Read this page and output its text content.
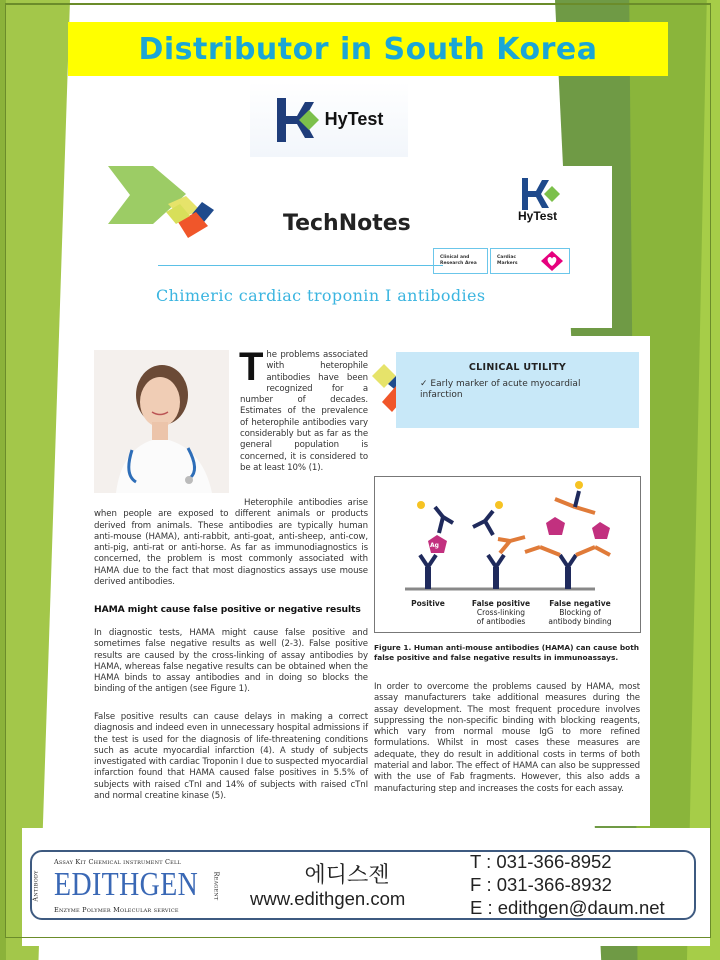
Distributor in South Korea
HyTest
TechNotes	HyTest
Clinical and
Research Area
Cardiac
Markers
Chimeric cardiac troponin I antibodies
The problems associated with heterophile antibodies have been recognized for a number of decades. Estimates of the prevalence of heterophile antibodies vary considerably but as far as the general population is concerned, it is considered to be at least 10% (1).
Heterophile antibodies arise when people are exposed to different animals or products derived from animals. These antibodies are typically human anti-mouse (HAMA), anti-rabbit, anti-goat, anti-sheep, anti-cow, anti-pig, anti-rat or anti-horse. As far as immunodiagnostics is concerned, the problem is most commonly associated with HAMA due to the fact that most diagnostics assays use mouse derived antibodies.
HAMA might cause false positive or negative results
In diagnostic tests, HAMA might cause false positive and sometimes false negative results as well (2-3). False positive results are caused by the cross-linking of assay antibodies by HAMA, whereas false negative results can be obtained when the HAMA binds to assay antibodies and in doing so blocks the binding of the antigen (see Figure 1).
False positive results can cause delays in making a correct diagnosis and indeed even in unnecessary hospital admissions if the test is used for the diagnosis of life-threatening conditions such as acute myocardial infarction (4). A study of subjects investigated with cardiac Troponin I due to suspected myocardial infarction found that HAMA caused false positives in 5.5% of subjects with raised cTnI and 14% of subjects with raised cTnI and normal creatine kinase (5).
CLINICAL UTILITY
✓ Early marker of acute myocardial infarction
Ag
Positive	False positive
Cross-linking
of antibodies
False negative
Blocking of
antibody binding
Figure 1. Human anti-mouse antibodies (HAMA) can cause both false positive and false negative results in immunoassays.
In order to overcome the problems caused by HAMA, most assay manufacturers take additional measures during the assay development. The most frequent procedure involves suppressing the non-specific binding with blocking reagents, which vary from normal mouse IgG to more refined formulations. Whilst in most cases these measures are adequate, they do result in additional costs in terms of both material and labor. The effect of HAMA can also be suppressed with the use of Fab fragments. However, this also adds a manufacturing step and increases the costs for each assay.
Assay Kit Chemical instrument Cell
EDITHGEN
Enzyme Polymer Molecular service
Antibody	Reagent	에디스젠
www.edithgen.com
T : 031-366-8952
F : 031-366-8932
E : edithgen@daum.net
